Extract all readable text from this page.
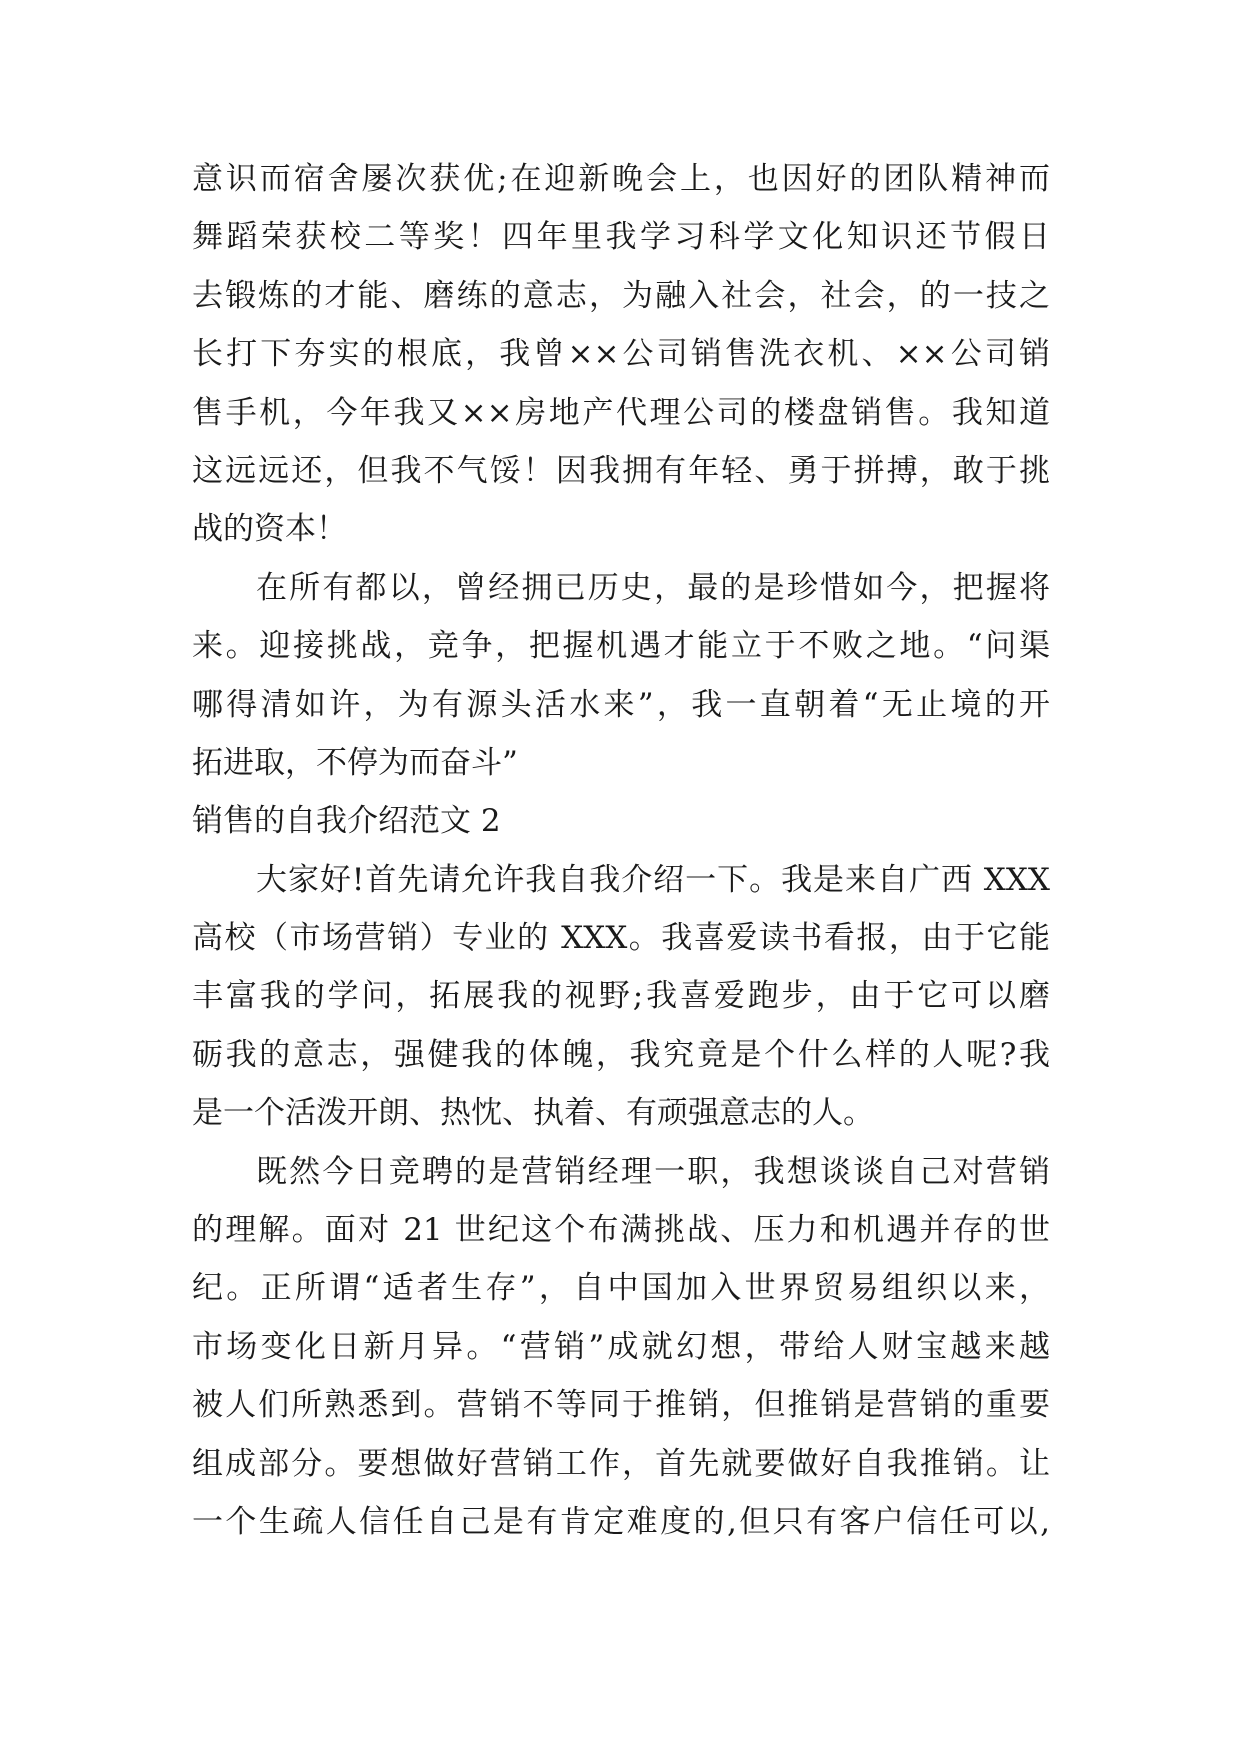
意识而宿舍屡次获优;在迎新晚会上，也因好的团队精神而
舞蹈荣获校二等奖！四年里我学习科学文化知识还节假日
去锻炼的才能、磨练的意志，为融入社会，社会，的一技之
长打下夯实的根底，我曾××公司销售洗衣机、××公司销
售手机，今年我又××房地产代理公司的楼盘销售。我知道
这远远还，但我不气馁！因我拥有年轻、勇于拼搏，敢于挑
战的资本！
在所有都以，曾经拥已历史，最的是珍惜如今，把握将
来。迎接挑战，竞争，把握机遇才能立于不败之地。“问渠
哪得清如许，为有源头活水来”，我一直朝着“无止境的开
拓进取，不停为而奋斗”
销售的自我介绍范文 2
大家好!首先请允许我自我介绍一下。我是来自广西 XXX
高校（市场营销）专业的 XXX。我喜爱读书看报，由于它能
丰富我的学问，拓展我的视野;我喜爱跑步，由于它可以磨
砺我的意志，强健我的体魄，我究竟是个什么样的人呢?我
是一个活泼开朗、热忱、执着、有顽强意志的人。
既然今日竞聘的是营销经理一职，我想谈谈自己对营销
的理解。面对 21 世纪这个布满挑战、压力和机遇并存的世
纪。正所谓“适者生存”，自中国加入世界贸易组织以来，
市场变化日新月异。“营销”成就幻想，带给人财宝越来越
被人们所熟悉到。营销不等同于推销，但推销是营销的重要
组成部分。要想做好营销工作，首先就要做好自我推销。让
一个生疏人信任自己是有肯定难度的,但只有客户信任可以,
